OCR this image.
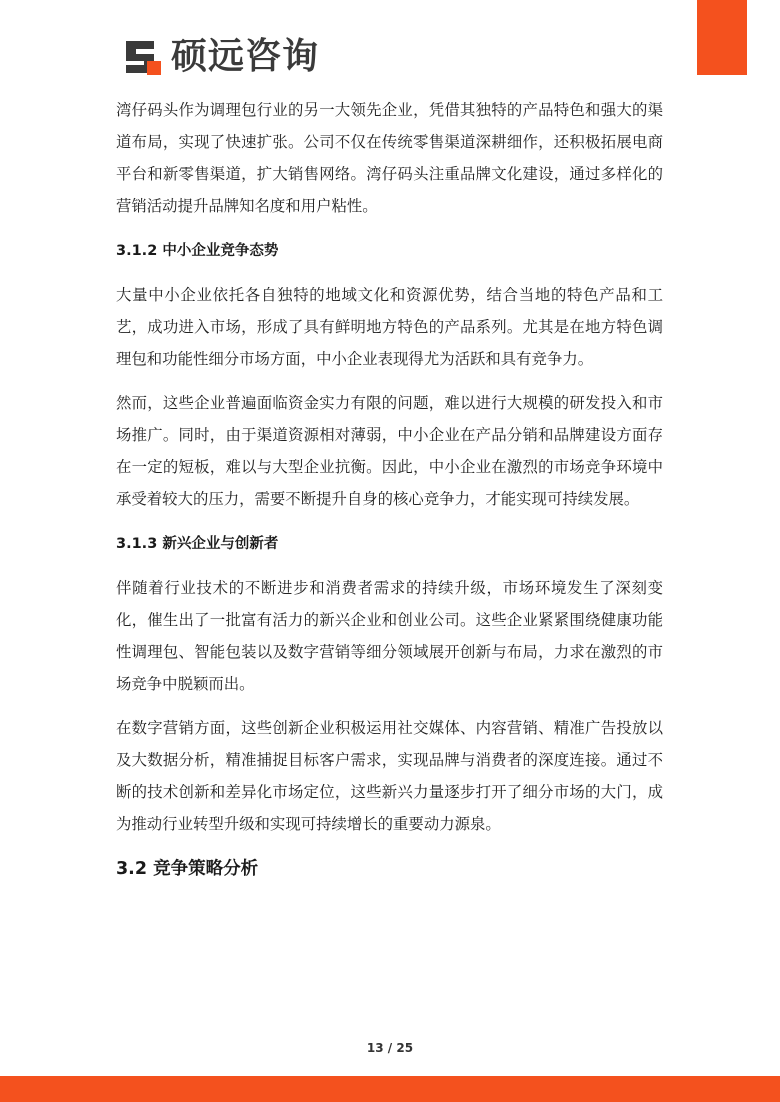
硕远咨询

湾仔码头作为调理包行业的另一大领先企业，凭借其独特的产品特色和强大的渠道布局，实现了快速扩张。公司不仅在传统零售渠道深耕细作，还积极拓展电商平台和新零售渠道，扩大销售网络。湾仔码头注重品牌文化建设，通过多样化的营销活动提升品牌知名度和用户粘性。

3.1.2 中小企业竞争态势

大量中小企业依托各自独特的地域文化和资源优势，结合当地的特色产品和工艺，成功进入市场，形成了具有鲜明地方特色的产品系列。尤其是在地方特色调理包和功能性细分市场方面，中小企业表现得尤为活跃和具有竞争力。

然而，这些企业普遍面临资金实力有限的问题，难以进行大规模的研发投入和市场推广。同时，由于渠道资源相对薄弱，中小企业在产品分销和品牌建设方面存在一定的短板，难以与大型企业抗衡。因此，中小企业在激烈的市场竞争环境中承受着较大的压力，需要不断提升自身的核心竞争力，才能实现可持续发展。

3.1.3 新兴企业与创新者

伴随着行业技术的不断进步和消费者需求的持续升级，市场环境发生了深刻变化，催生出了一批富有活力的新兴企业和创业公司。这些企业紧紧围绕健康功能性调理包、智能包装以及数字营销等细分领域展开创新与布局，力求在激烈的市场竞争中脱颖而出。

在数字营销方面，这些创新企业积极运用社交媒体、内容营销、精准广告投放以及大数据分析，精准捕捉目标客户需求，实现品牌与消费者的深度连接。通过不断的技术创新和差异化市场定位，这些新兴力量逐步打开了细分市场的大门，成为推动行业转型升级和实现可持续增长的重要动力源泉。

3.2 竞争策略分析
13 / 25
